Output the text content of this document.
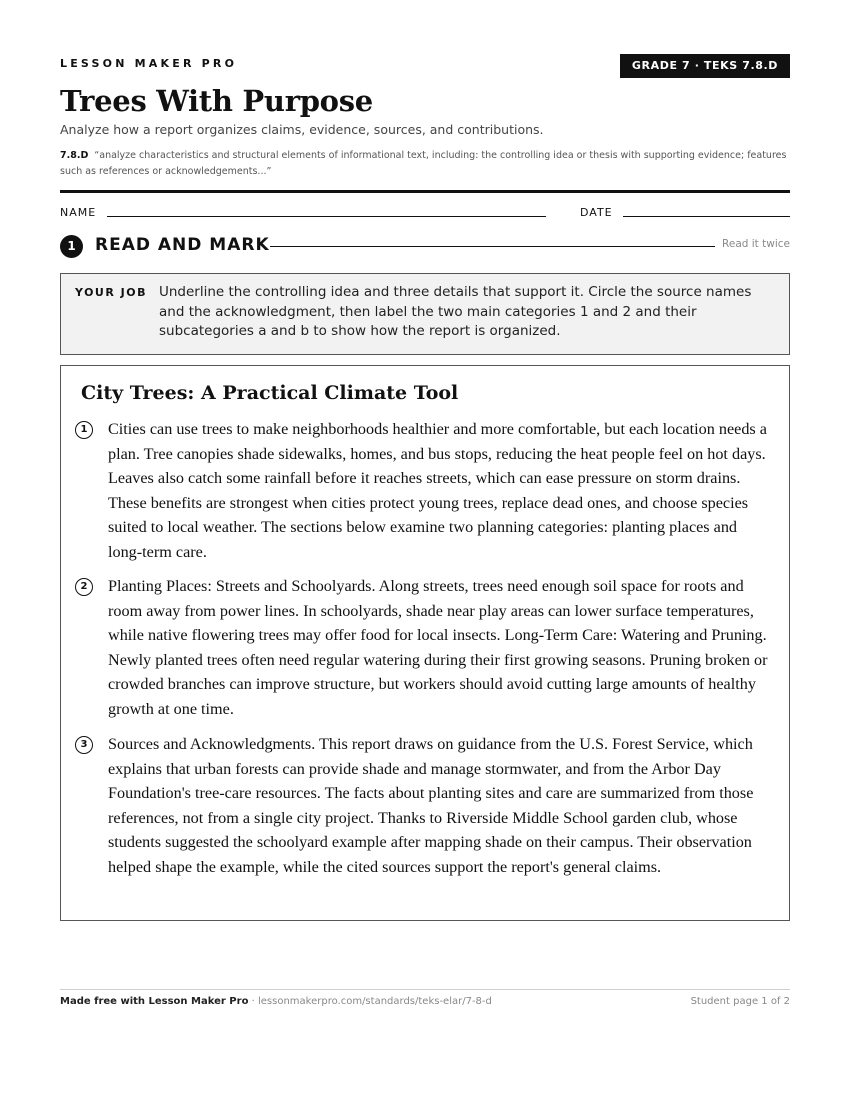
LESSON MAKER PRO	GRADE 7 · TEKS 7.8.D
Trees With Purpose
Analyze how a report organizes claims, evidence, sources, and contributions.
7.8.D “analyze characteristics and structural elements of informational text, including: the controlling idea or thesis with supporting evidence; features such as references or acknowledgements...”
NAME	DATE
1	READ AND MARK	Read it twice
YOUR JOB Underline the controlling idea and three details that support it. Circle the source names and the acknowledgment, then label the two main categories 1 and 2 and their subcategories a and b to show how the report is organized.
City Trees: A Practical Climate Tool
1	Cities can use trees to make neighborhoods healthier and more comfortable, but each location needs a plan. Tree canopies shade sidewalks, homes, and bus stops, reducing the heat people feel on hot days. Leaves also catch some rainfall before it reaches streets, which can ease pressure on storm drains. These benefits are strongest when cities protect young trees, replace dead ones, and choose species suited to local weather. The sections below examine two planning categories: planting places and long-term care.
2	Planting Places: Streets and Schoolyards. Along streets, trees need enough soil space for roots and room away from power lines. In schoolyards, shade near play areas can lower surface temperatures, while native flowering trees may offer food for local insects. Long-Term Care: Watering and Pruning. Newly planted trees often need regular watering during their first growing seasons. Pruning broken or crowded branches can improve structure, but workers should avoid cutting large amounts of healthy growth at one time.
3	Sources and Acknowledgments. This report draws on guidance from the U.S. Forest Service, which explains that urban forests can provide shade and manage stormwater, and from the Arbor Day Foundation's tree-care resources. The facts about planting sites and care are summarized from those references, not from a single city project. Thanks to Riverside Middle School garden club, whose students suggested the schoolyard example after mapping shade on their campus. Their observation helped shape the example, while the cited sources support the report's general claims.
Made free with Lesson Maker Pro · lessonmakerpro.com/standards/teks-elar/7-8-d	Student page 1 of 2
